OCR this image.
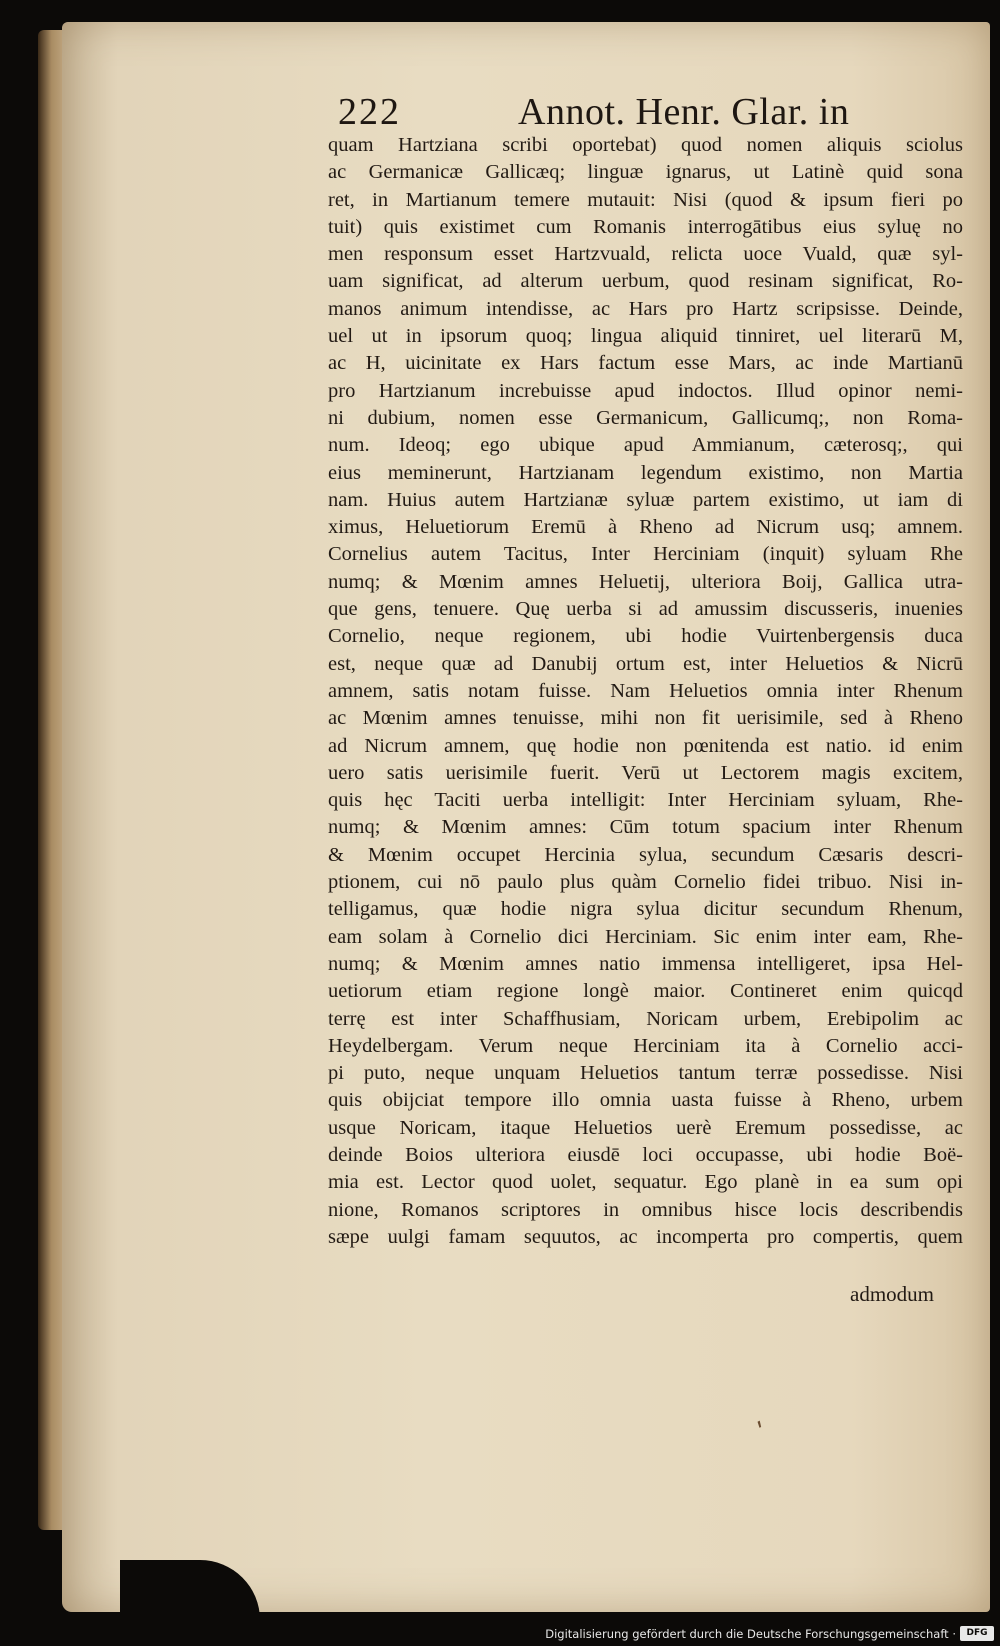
222	Annot. Henr. Glar. in
quam Hartziana scribi oportebat) quod nomen aliquis sciolus
ac Germanicæ Gallicæq; linguæ ignarus, ut Latinè quid sona
ret, in Martianum temere mutauit: Nisi (quod & ipsum fieri po
tuit) quis existimet cum Romanis interrogātibus eius syluę no
men responsum esset Hartzvuald, relicta uoce Vuald, quæ syl-
uam significat, ad alterum uerbum, quod resinam significat, Ro-
manos animum intendisse, ac Hars pro Hartz scripsisse. Deinde,
uel ut in ipsorum quoq; lingua aliquid tinniret, uel literarū M,
ac H, uicinitate ex Hars factum esse Mars, ac inde Martianū
pro Hartzianum increbuisse apud indoctos. Illud opinor nemi-
ni dubium, nomen esse Germanicum, Gallicumq;, non Roma-
num. Ideoq; ego ubique apud Ammianum, cæterosq;, qui
eius meminerunt, Hartzianam legendum existimo, non Martia
nam. Huius autem Hartzianæ syluæ partem existimo, ut iam di
ximus, Heluetiorum Eremū à Rheno ad Nicrum usq; amnem.
Cornelius autem Tacitus, Inter Herciniam (inquit) syluam Rhe
numq; & Mœnim amnes Heluetij, ulteriora Boij, Gallica utra-
que gens, tenuere. Quę uerba si ad amussim discusseris, inuenies
Cornelio, neque regionem, ubi hodie Vuirtenbergensis duca
est, neque quæ ad Danubij ortum est, inter Heluetios & Nicrū
amnem, satis notam fuisse. Nam Heluetios omnia inter Rhenum
ac Mœnim amnes tenuisse, mihi non fit uerisimile, sed à Rheno
ad Nicrum amnem, quę hodie non pœnitenda est natio. id enim
uero satis uerisimile fuerit. Verū ut Lectorem magis excitem,
quis hęc Taciti uerba intelligit: Inter Herciniam syluam, Rhe-
numq; & Mœnim amnes: Cūm totum spacium inter Rhenum
& Mœnim occupet Hercinia sylua, secundum Cæsaris descri-
ptionem, cui nō paulo plus quàm Cornelio fidei tribuo. Nisi in-
telligamus, quæ hodie nigra sylua dicitur secundum Rhenum,
eam solam à Cornelio dici Herciniam. Sic enim inter eam, Rhe-
numq; & Mœnim amnes natio immensa intelligeret, ipsa Hel-
uetiorum etiam regione longè maior. Contineret enim quicqd
terrę est inter Schaffhusiam, Noricam urbem, Erebipolim ac
Heydelbergam. Verum neque Herciniam ita à Cornelio acci-
pi puto, neque unquam Heluetios tantum terræ possedisse. Nisi
quis obijciat tempore illo omnia uasta fuisse à Rheno, urbem
usque Noricam, itaque Heluetios uerè Eremum possedisse, ac
deinde Boios ulteriora eiusdē loci occupasse, ubi hodie Boë-
mia est. Lector quod uolet, sequatur. Ego planè in ea sum opi
nione, Romanos scriptores in omnibus hisce locis describendis
sæpe uulgi famam sequutos, ac incomperta pro compertis, quem
admodum
ʹ
Digitalisierung gefördert durch die Deutsche Forschungsgemeinschaft ·	DFG
